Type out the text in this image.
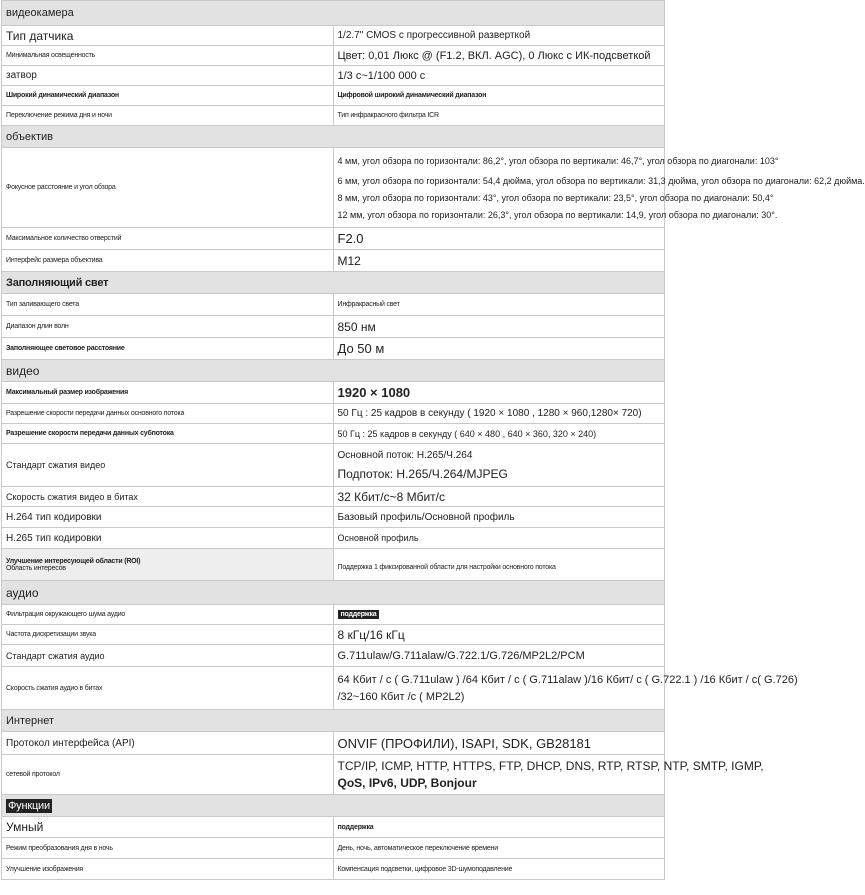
видеокамера	
Тип датчика	1/2.7" CMOS с прогрессивной разверткой
Минимальная освещенность	Цвет: 0,01 Люкс @ (F1.2, ВКЛ. AGC), 0 Люкс с ИК-подсветкой
затвор	1/3 с~1/100 000 с
Широкий динамический диапазон	Цифровой широкий динамический диапазон
Переключение режима дня и ночи	Тип инфракрасного фильтра ICR
объектив	
Фокусное расстояние и угол обзора	4 мм, угол обзора по горизонтали: 86,2°, угол обзора по вертикали: 46,7°, угол обзора по диагонали: 103°
6 мм, угол обзора по горизонтали: 54,4 дюйма, угол обзора по вертикали: 31,3 дюйма, угол обзора по диагонали: 62,2 дюйма.
8 мм, угол обзора по горизонтали: 43°, угол обзора по вертикали: 23,5°, угол обзора по диагонали: 50,4°
12 мм, угол обзора по горизонтали: 26,3°, угол обзора по вертикали: 14,9, угол обзора по диагонали: 30°.

Максимальное количество отверстий	F2.0
Интерфейс размера объектива	M12
Заполняющий свет	
Тип заливающего света	Инфракрасный свет
Диапазон длин волн	850 нм
Заполняющее световое расстояние	До 50 м
видео	
Максимальный размер изображения	1920 × 1080
Разрешение скорости передачи данных основного потока	50 Гц : 25 кадров в секунду ( 1920 × 1080 , 1280 × 960,1280× 720)
Разрешение скорости передачи данных субпотока	50 Гц : 25 кадров в секунду ( 640 × 480 , 640 × 360, 320 × 240)
Стандарт сжатия видео	Основной поток: H.265/Ч.264
Подпоток: H.265/Ч.264/MJPEG

Скорость сжатия видео в битах	32 Кбит/с~8 Мбит/с
H.264 тип кодировки	Базовый профиль/Основной профиль
H.265 тип кодировки	Основной профиль

Улучшение интересующей области (ROI)
Область интересов	Поддержка 1 фиксированной области для настройки основного потока

аудио	
Фильтрация окружающего шума аудио	поддержка
Частота дискретизации звука	8 кГц/16 кГц
Стандарт сжатия аудио	G.711ulaw/G.711alaw/G.722.1/G.726/MP2L2/PCM
Скорость сжатия аудио в битах	64 Кбит / с ( G.711ulaw ) /64 Кбит / с ( G.711alaw )/16 Кбит/ с ( G.722.1 ) /16 Кбит / с( G.726)
/32~160 Кбит /с ( MP2L2)

Интернет	
Протокол интерфейса (API)	ONVIF (ПРОФИЛИ), ISAPI, SDK, GB28181
сетевой протокол	TCP/IP, ICMP, HTTP, HTTPS, FTP, DHCP, DNS, RTP, RTSP, NTP, SMTP, IGMP,
QoS, IPv6, UDP, Bonjour

Функции	
Умный	поддержка
Режим преобразования дня в ночь	День, ночь, автоматическое переключение времени
Улучшение изображения	Компенсация подсветки, цифровое 3D-шумоподавление
